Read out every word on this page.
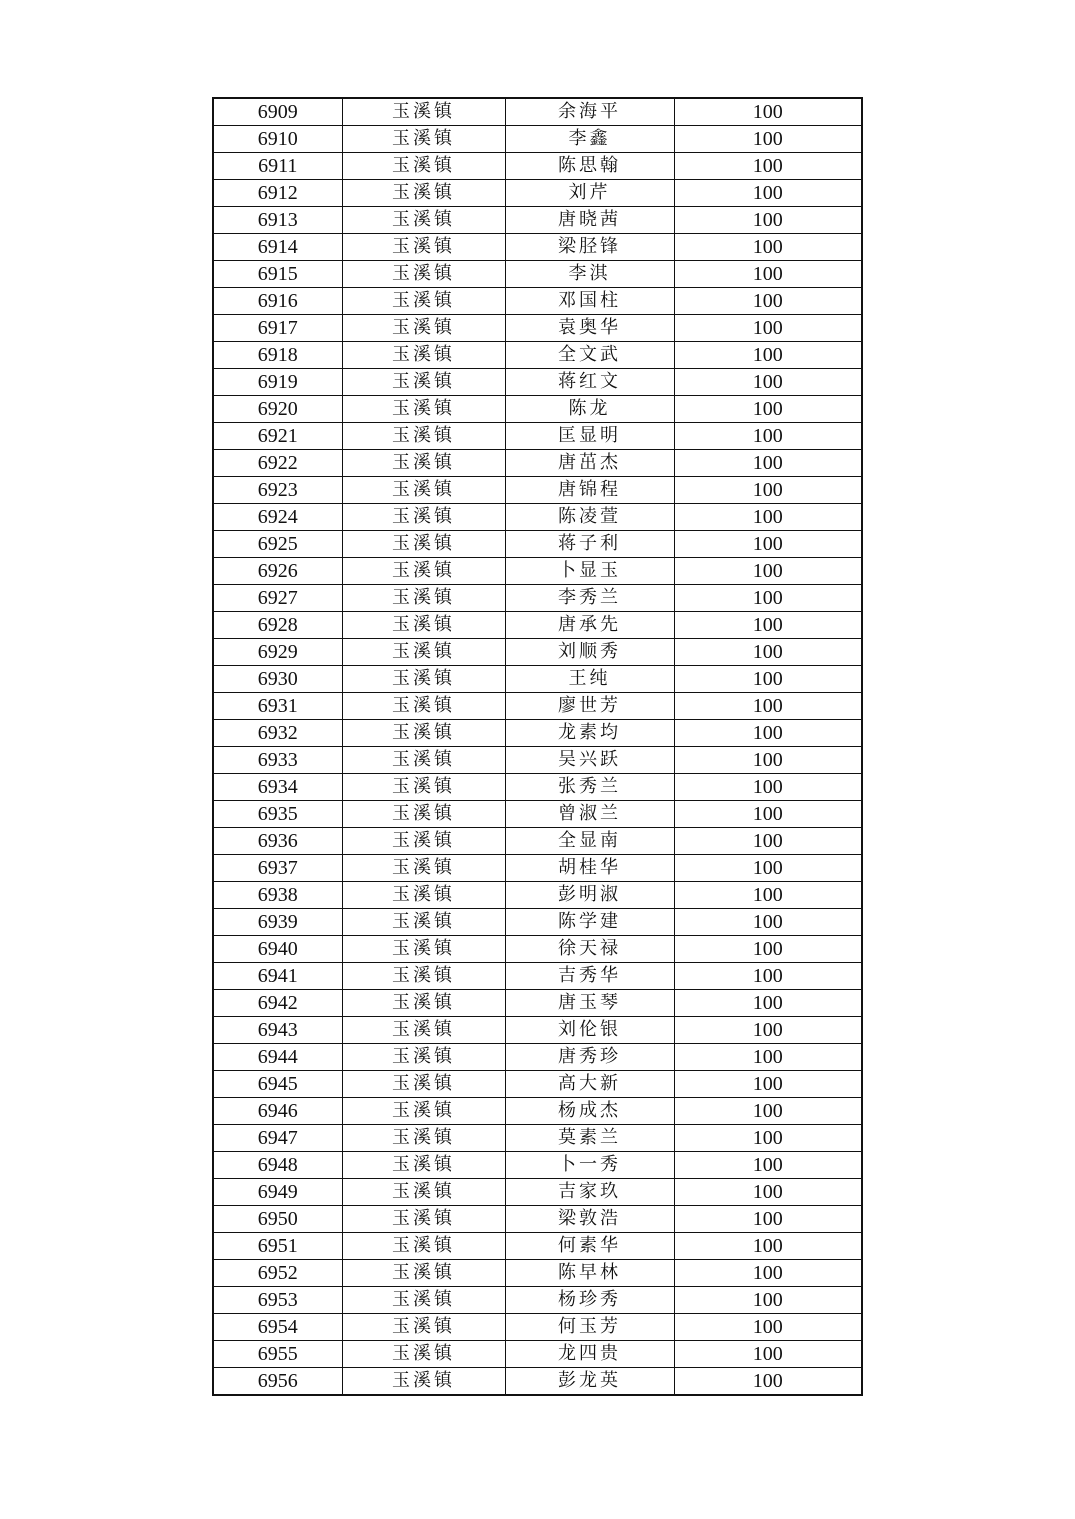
6909	玉溪镇	余海平	100
6910	玉溪镇	李鑫	100
6911	玉溪镇	陈思翰	100
6912	玉溪镇	刘芹	100
6913	玉溪镇	唐晓茜	100
6914	玉溪镇	梁胫锋	100
6915	玉溪镇	李淇	100
6916	玉溪镇	邓国柱	100
6917	玉溪镇	袁奥华	100
6918	玉溪镇	全文武	100
6919	玉溪镇	蒋红文	100
6920	玉溪镇	陈龙	100
6921	玉溪镇	匡显明	100
6922	玉溪镇	唐茁杰	100
6923	玉溪镇	唐锦程	100
6924	玉溪镇	陈凌萱	100
6925	玉溪镇	蒋子利	100
6926	玉溪镇	卜显玉	100
6927	玉溪镇	李秀兰	100
6928	玉溪镇	唐承先	100
6929	玉溪镇	刘顺秀	100
6930	玉溪镇	王纯	100
6931	玉溪镇	廖世芳	100
6932	玉溪镇	龙素均	100
6933	玉溪镇	吴兴跃	100
6934	玉溪镇	张秀兰	100
6935	玉溪镇	曾淑兰	100
6936	玉溪镇	全显南	100
6937	玉溪镇	胡桂华	100
6938	玉溪镇	彭明淑	100
6939	玉溪镇	陈学建	100
6940	玉溪镇	徐天禄	100
6941	玉溪镇	吉秀华	100
6942	玉溪镇	唐玉琴	100
6943	玉溪镇	刘伦银	100
6944	玉溪镇	唐秀珍	100
6945	玉溪镇	高大新	100
6946	玉溪镇	杨成杰	100
6947	玉溪镇	莫素兰	100
6948	玉溪镇	卜一秀	100
6949	玉溪镇	吉家玖	100
6950	玉溪镇	梁敦浩	100
6951	玉溪镇	何素华	100
6952	玉溪镇	陈早林	100
6953	玉溪镇	杨珍秀	100
6954	玉溪镇	何玉芳	100
6955	玉溪镇	龙四贵	100
6956	玉溪镇	彭龙英	100
